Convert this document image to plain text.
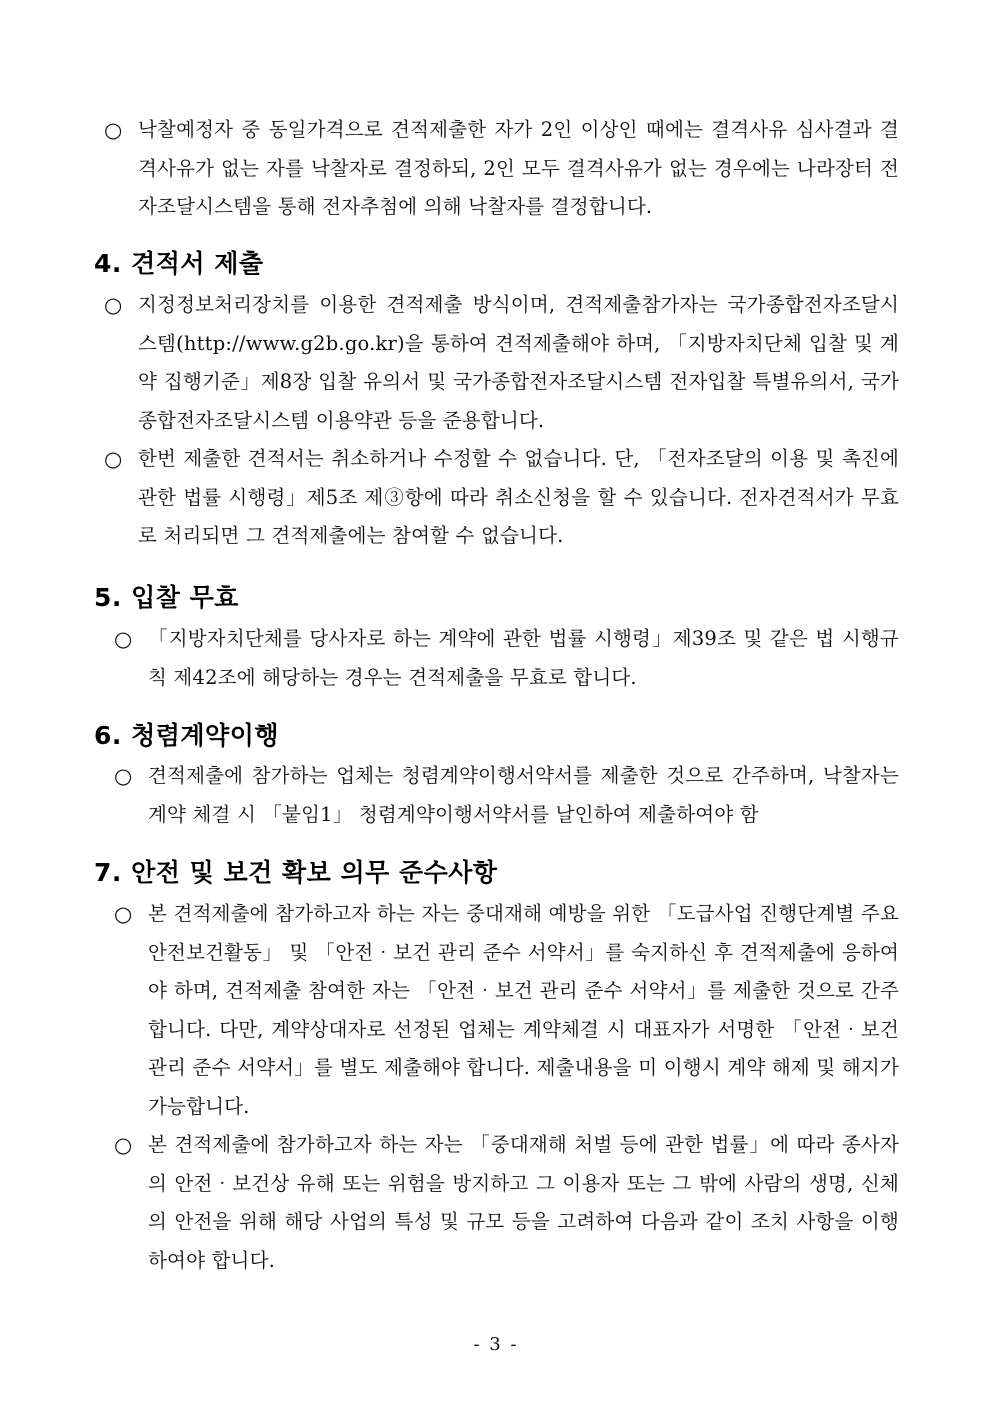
○ 낙찰예정자 중 동일가격으로 견적제출한 자가 2인 이상인 때에는 결격사유 심사결과 결격사유가 없는 자를 낙찰자로 결정하되, 2인 모두 결격사유가 없는 경우에는 나라장터 전자조달시스템을 통해 전자추첨에 의해 낙찰자를 결정합니다.
4. 견적서 제출
○ 지정정보처리장치를 이용한 견적제출 방식이며, 견적제출참가자는 국가종합전자조달시스템(http://www.g2b.go.kr)을 통하여 견적제출해야 하며, 「지방자치단체 입찰 및 계약 집행기준」제8장 입찰 유의서 및 국가종합전자조달시스템 전자입찰 특별유의서, 국가종합전자조달시스템 이용약관 등을 준용합니다.
○ 한번 제출한 견적서는 취소하거나 수정할 수 없습니다. 단, 「전자조달의 이용 및 촉진에 관한 법률 시행령」제5조 제③항에 따라 취소신청을 할 수 있습니다. 전자견적서가 무효로 처리되면 그 견적제출에는 참여할 수 없습니다.
5. 입찰 무효
○ 「지방자치단체를 당사자로 하는 계약에 관한 법률 시행령」제39조 및 같은 법 시행규칙 제42조에 해당하는 경우는 견적제출을 무효로 합니다.
6. 청렴계약이행
○ 견적제출에 참가하는 업체는 청렴계약이행서약서를 제출한 것으로 간주하며, 낙찰자는 계약 체결 시 「붙임1」 청렴계약이행서약서를 날인하여 제출하여야 함
7. 안전 및 보건 확보 의무 준수사항
○ 본 견적제출에 참가하고자 하는 자는 중대재해 예방을 위한 「도급사업 진행단계별 주요 안전보건활동」 및 「안전‧보건 관리 준수 서약서」를 숙지하신 후 견적제출에 응하여야 하며, 견적제출 참여한 자는 「안전‧보건 관리 준수 서약서」를 제출한 것으로 간주합니다. 다만, 계약상대자로 선정된 업체는 계약체결 시 대표자가 서명한 「안전‧보건 관리 준수 서약서」를 별도 제출해야 합니다. 제출내용을 미 이행시 계약 해제 및 해지가 가능합니다.
○ 본 견적제출에 참가하고자 하는 자는 「중대재해 처벌 등에 관한 법률」에 따라 종사자의 안전‧보건상 유해 또는 위험을 방지하고 그 이용자 또는 그 밖에 사람의 생명, 신체의 안전을 위해 해당 사업의 특성 및 규모 등을 고려하여 다음과 같이 조치 사항을 이행하여야 합니다.
- 3 -
